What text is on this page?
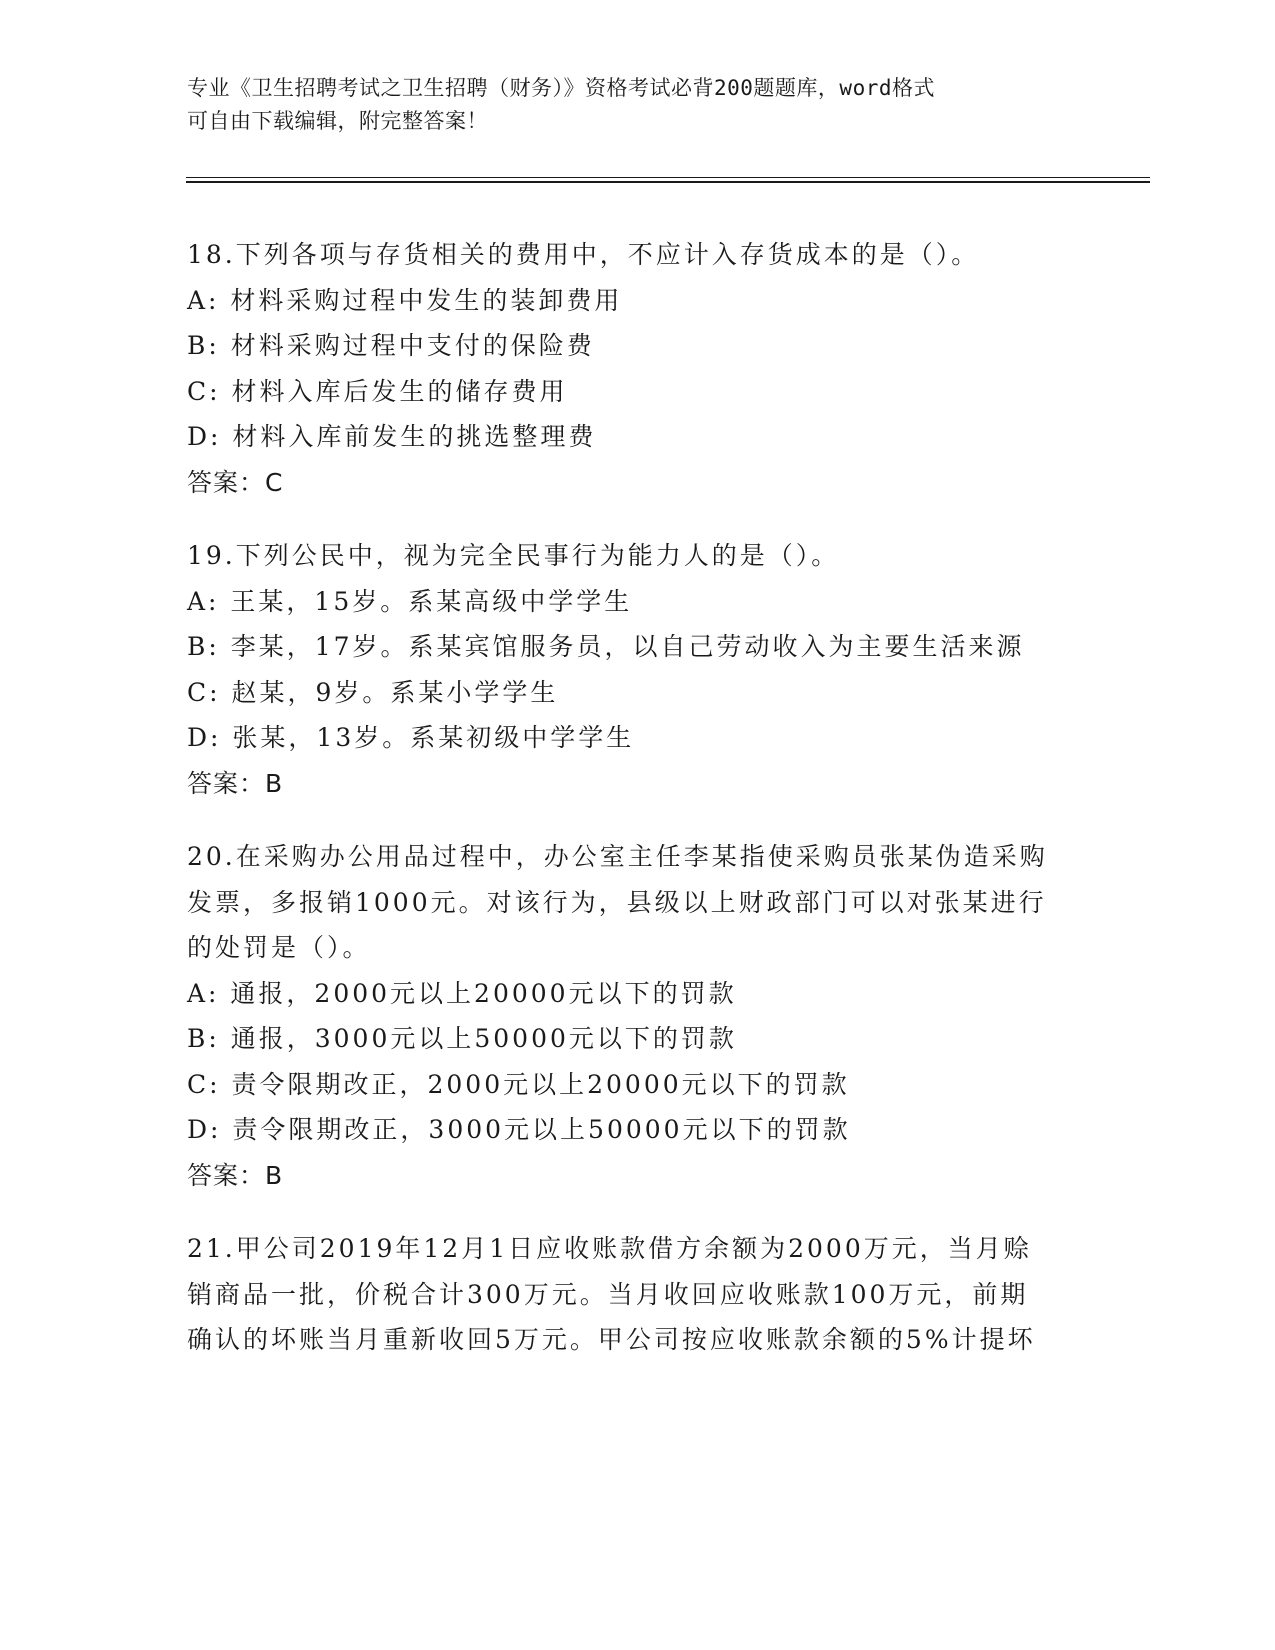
专业《卫生招聘考试之卫生招聘（财务）》资格考试必背200题题库，word格式
可自由下载编辑，附完整答案！
18.下列各项与存货相关的费用中，不应计入存货成本的是（）。
A: 材料采购过程中发生的装卸费用
B: 材料采购过程中支付的保险费
C: 材料入库后发生的储存费用
D: 材料入库前发生的挑选整理费
答案：C
19.下列公民中，视为完全民事行为能力人的是（）。
A: 王某，15岁。系某高级中学学生
B: 李某，17岁。系某宾馆服务员，以自己劳动收入为主要生活来源
C: 赵某，9岁。系某小学学生
D: 张某，13岁。系某初级中学学生
答案：B
20.在采购办公用品过程中，办公室主任李某指使采购员张某伪造采购
发票，多报销1000元。对该行为，县级以上财政部门可以对张某进行
的处罚是（）。
A: 通报，2000元以上20000元以下的罚款
B: 通报，3000元以上50000元以下的罚款
C: 责令限期改正，2000元以上20000元以下的罚款
D: 责令限期改正，3000元以上50000元以下的罚款
答案：B
21.甲公司2019年12月1日应收账款借方余额为2000万元，当月赊
销商品一批，价税合计300万元。当月收回应收账款100万元，前期
确认的坏账当月重新收回5万元。甲公司按应收账款余额的5%计提坏
